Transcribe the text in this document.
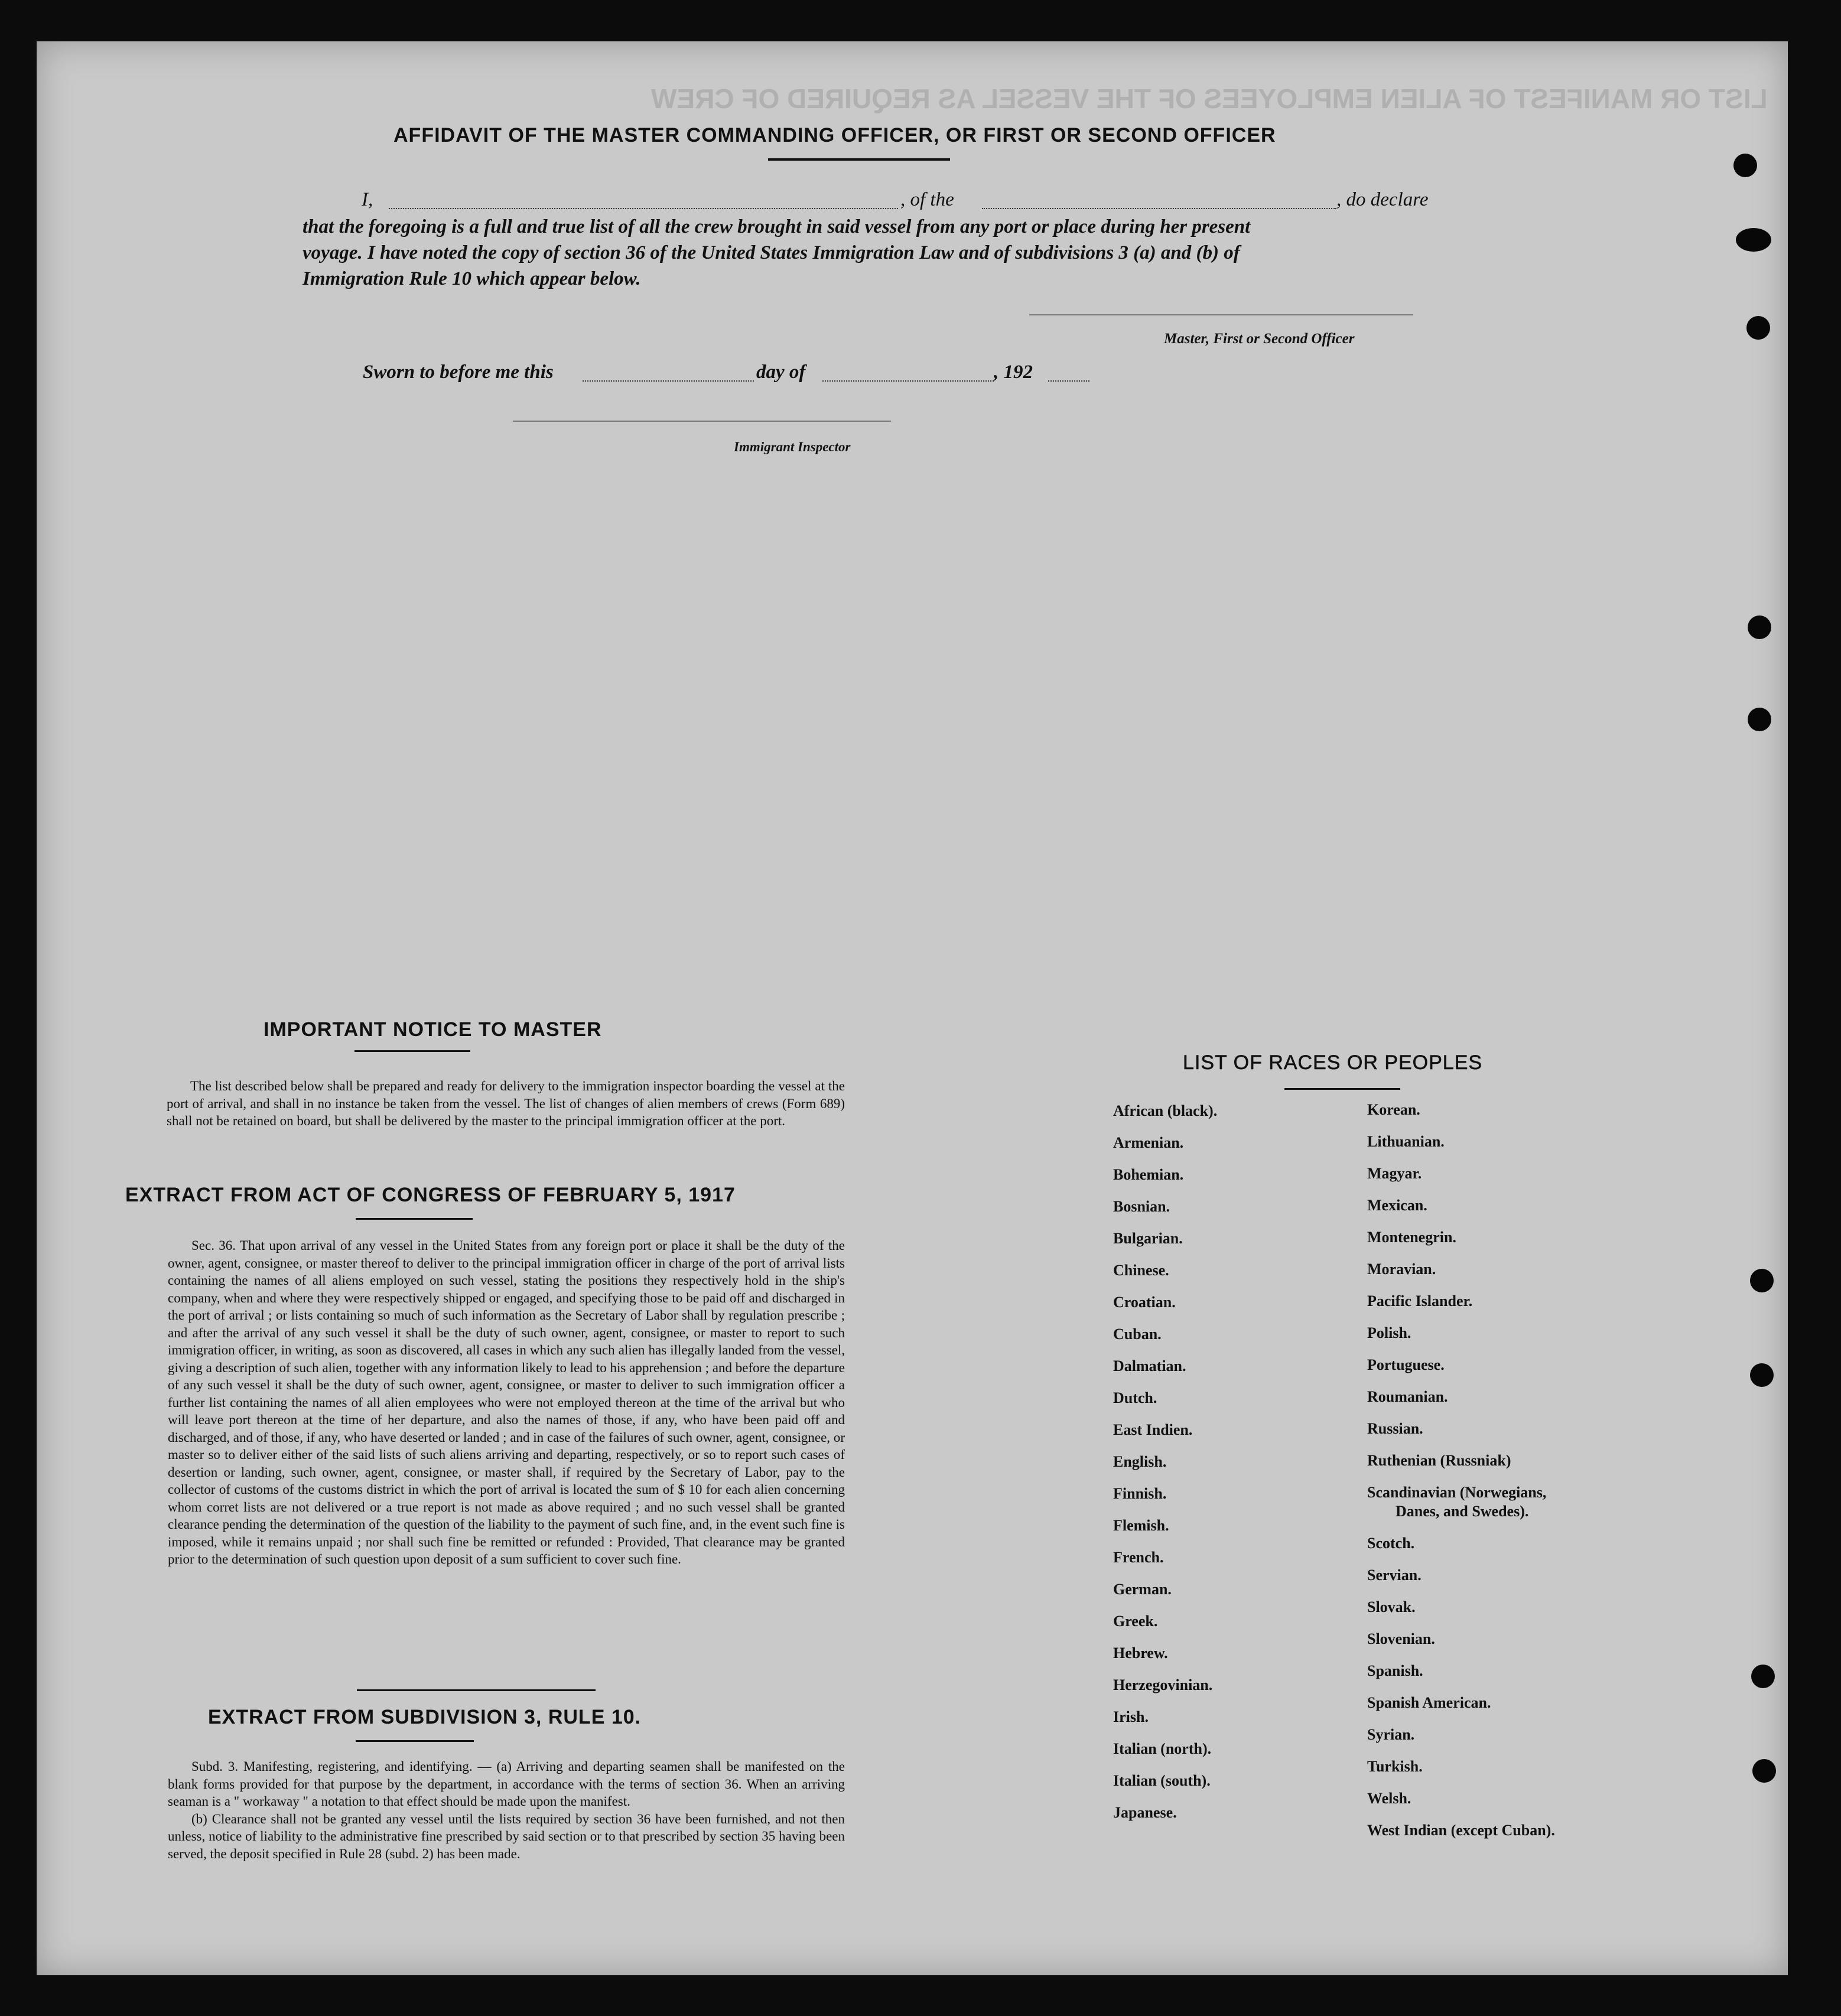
LIST OR MANIFEST OF ALIEN EMPLOYEES OF THE VESSEL AS REQUIRED OF CREW

AFFIDAVIT OF THE MASTER COMMANDING OFFICER, OR FIRST OR SECOND OFFICER
I,	, of the	, do declare
that the foregoing is a full and true list of all the crew brought in said vessel from any port or place during her present
voyage. I have noted the copy of section 36 of the United States Immigration Law and of subdivisions 3 (a) and (b) of
Immigration Rule 10 which appear below.
Master, First or Second Officer
Sworn to before me this	day of	, 192
Immigrant Inspector
IMPORTANT NOTICE TO MASTER

The list described below shall be prepared and ready for delivery to the immigration inspector boarding the vessel at the port of arrival, and shall in no instance be taken from the vessel. The list of changes of alien members of crews (Form 689) shall not be retained on board, but shall be delivered by the master to the principal immigration officer at the port.

EXTRACT FROM ACT OF CONGRESS OF FEBRUARY 5, 1917

Sec. 36. That upon arrival of any vessel in the United States from any foreign port or place it shall be the duty of the owner, agent, consignee, or master thereof to deliver to the principal immigration officer in charge of the port of arrival lists containing the names of all aliens employed on such vessel, stating the positions they respectively hold in the ship's company, when and where they were respectively shipped or engaged, and specifying those to be paid off and discharged in the port of arrival ; or lists containing so much of such information as the Secretary of Labor shall by regulation prescribe ; and after the arrival of any such vessel it shall be the duty of such owner, agent, consignee, or master to report to such immigration officer, in writing, as soon as discovered, all cases in which any such alien has illegally landed from the vessel, giving a description of such alien, together with any information likely to lead to his apprehension ; and before the departure of any such vessel it shall be the duty of such owner, agent, consignee, or master to deliver to such immigration officer a further list containing the names of all alien employees who were not employed thereon at the time of the arrival but who will leave port thereon at the time of her departure, and also the names of those, if any, who have been paid off and discharged, and of those, if any, who have deserted or landed ; and in case of the failures of such owner, agent, consignee, or master so to deliver either of the said lists of such aliens arriving and departing, respectively, or so to report such cases of desertion or landing, such owner, agent, consignee, or master shall, if required by the Secretary of Labor, pay to the collector of customs of the customs district in which the port of arrival is located the sum of $ 10 for each alien concerning whom corret lists are not delivered or a true report is not made as above required ; and no such vessel shall be granted clearance pending the determination of the question of the liability to the payment of such fine, and, in the event such fine is imposed, while it remains unpaid ; nor shall such fine be remitted or refunded : Provided, That clearance may be granted prior to the determination of such question upon deposit of a sum sufficient to cover such fine.

EXTRACT FROM SUBDIVISION 3, RULE 10.

Subd. 3. Manifesting, registering, and identifying. — (a) Arriving and departing seamen shall be manifested on the blank forms provided for that purpose by the department, in accordance with the terms of section 36. When an arriving seaman is a " workaway " a notation to that effect should be made upon the manifest.

(b) Clearance shall not be granted any vessel until the lists required by section 36 have been furnished, and not then unless, notice of liability to the administrative fine prescribed by said section or to that prescribed by section 35 having been served, the deposit specified in Rule 28 (subd. 2) has been made.

LIST OF RACES OR PEOPLES
African (black).
Armenian.
Bohemian.
Bosnian.
Bulgarian.
Chinese.
Croatian.
Cuban.
Dalmatian.
Dutch.
East Indien.
English.
Finnish.
Flemish.
French.
German.
Greek.
Hebrew.
Herzegovinian.
Irish.
Italian (north).
Italian (south).
Japanese.
Korean.
Lithuanian.
Magyar.
Mexican.
Montenegrin.
Moravian.
Pacific Islander.
Polish.
Portuguese.
Roumanian.
Russian.
Ruthenian (Russniak)
Scandinavian (Norwegians,
Danes, and Swedes).
Scotch.
Servian.
Slovak.
Slovenian.
Spanish.
Spanish American.
Syrian.
Turkish.
Welsh.
West Indian (except Cuban).
